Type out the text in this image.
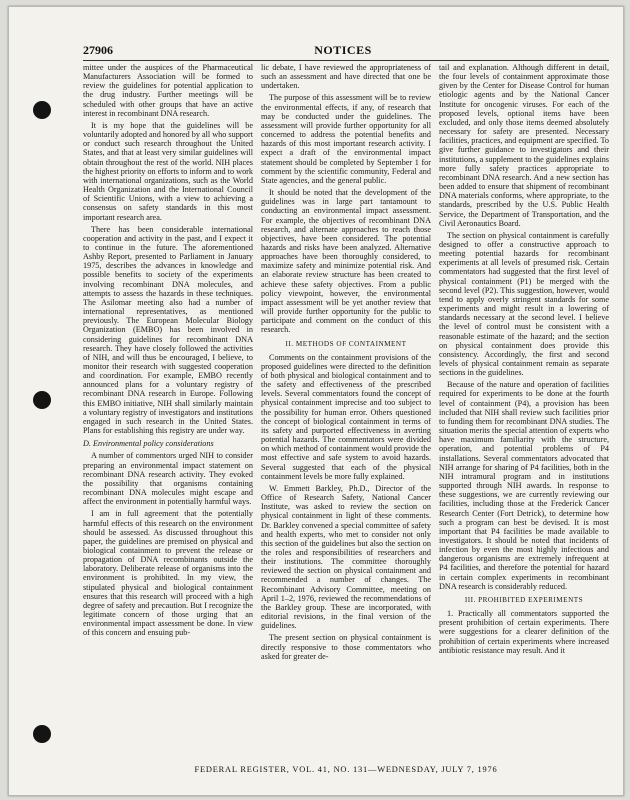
27906	NOTICES

mittee under the auspices of the Pharmaceutical Manufacturers Association will be formed to review the guidelines for potential application to the drug industry. Further meetings will be scheduled with other groups that have an active interest in recombinant DNA research.

It is my hope that the guidelines will be voluntarily adopted and honored by all who support or conduct such research throughout the United States, and that at least very similar guidelines will obtain throughout the rest of the world. NIH places the highest priority on efforts to inform and to work with international organizations, such as the World Health Organization and the International Council of Scientific Unions, with a view to achieving a consensus on safety standards in this most important research area.

There has been considerable international cooperation and activity in the past, and I expect it to continue in the future. The aforementioned Ashby Report, presented to Parliament in January 1975, describes the advances in knowledge and possible benefits to society of the experiments involving recombinant DNA molecules, and attempts to assess the hazards in these techniques. The Asilomar meeting also had a number of international representatives, as mentioned previously. The European Molecular Biology Organization (EMBO) has been involved in considering guidelines for recombinant DNA research. They have closely followed the activities of NIH, and will thus be encouraged, I believe, to monitor their research with suggested cooperation and coordination. For example, EMBO recently announced plans for a voluntary registry of recombinant DNA research in Europe. Following this EMBO initiative, NIH shall similarly maintain a voluntary registry of investigators and institutions engaged in such research in the United States. Plans for establishing this registry are under way.

D. Environmental policy considerations

A number of commentors urged NIH to consider preparing an environmental impact statement on recombinant DNA research activity. They evoked the possibility that organisms containing recombinant DNA molecules might escape and affect the environment in potentially harmful ways.

I am in full agreement that the potentially harmful effects of this research on the environment should be assessed. As discussed throughout this paper, the guidelines are premised on physical and biological containment to prevent the release or propagation of DNA recombinants outside the laboratory. Deliberate release of organisms into the environment is prohibited. In my view, the stipulated physical and biological containment ensures that this research will proceed with a high degree of safety and precaution. But I recognize the legitimate concern of those urging that an environmental impact assessment be done. In view of this concern and ensuing pub-

lic debate, I have reviewed the appropriateness of such an assessment and have directed that one be undertaken.

The purpose of this assessment will be to review the environmental effects, if any, of research that may be conducted under the guidelines. The assessment will provide further opportunity for all concerned to address the potential benefits and hazards of this most important research activity. I expect a draft of the environmental impact statement should be completed by September 1 for comment by the scientific community, Federal and State agencies, and the general public.

It should be noted that the development of the guidelines was in large part tantamount to conducting an environmental impact assessment. For example, the objectives of recombinant DNA research, and alternate approaches to reach those objectives, have been considered. The potential hazards and risks have been analyzed. Alternative approaches have been thoroughly considered, to maximize safety and minimize potential risk. And an elaborate review structure has been created to achieve these safety objectives. From a public policy viewpoint, however, the environmental impact assessment will be yet another review that will provide further opportunity for the public to participate and comment on the conduct of this research.

II. METHODS OF CONTAINMENT

Comments on the containment provisions of the proposed guidelines were directed to the definition of both physical and biological containment and to the safety and effectiveness of the prescribed levels. Several commentators found the concept of physical containment imprecise and too subject to the possibility for human error. Others questioned the concept of biological containment in terms of its safety and purported effectiveness in averting potential hazards. The commentators were divided on which method of containment would provide the most effective and safe system to avoid hazards. Several suggested that each of the physical containment levels be more fully explained.

W. Emmett Barkley, Ph.D., Director of the Office of Research Safety, National Cancer Institute, was asked to review the section on physical containment in light of these comments. Dr. Barkley convened a special committee of safety and health experts, who met to consider not only this section of the guidelines but also the section on the roles and responsibilities of researchers and their institutions. The committee thoroughly reviewed the section on physical containment and recommended a number of changes. The Recombinant Advisory Committee, meeting on April 1–2, 1976, reviewed the recommendations of the Barkley group. These are incorporated, with editorial revisions, in the final version of the guidelines.

The present section on physical containment is directly responsive to those commentators who asked for greater de-

tail and explanation. Although different in detail, the four levels of containment approximate those given by the Center for Disease Control for human etiologic agents and by the National Cancer Institute for oncogenic viruses. For each of the proposed levels, optional items have been excluded, and only those items deemed absolutely necessary for safety are presented. Necessary facilities, practices, and equipment are specified. To give further guidance to investigators and their institutions, a supplement to the guidelines explains more fully safety practices appropriate to recombinant DNA research. And a new section has been added to ensure that shipment of recombinant DNA materials conforms, where appropriate, to the standards, prescribed by the U.S. Public Health Service, the Department of Transportation, and the Civil Aeronautics Board.

The section on physical containment is carefully designed to offer a constructive approach to meeting potential hazards for recombinant experiments at all levels of presumed risk. Certain commentators had suggested that the first level of physical containment (P1) be merged with the second level (P2). This suggestion, however, would tend to apply overly stringent standards for some experiments and might result in a lowering of standards necessary at the second level. I believe the level of control must be consistent with a reasonable estimate of the hazard; and the section on physical containment does provide this consistency. Accordingly, the first and second levels of physical containment remain as separate sections in the guidelines.

Because of the nature and operation of facilities required for experiments to be done at the fourth level of containment (P4), a provision has been included that NIH shall review such facilities prior to funding them for recombinant DNA studies. The situation merits the special attention of experts who have maximum familiarity with the structure, operation, and potential problems of P4 installations. Several commentators advocated that NIH arrange for sharing of P4 facilities, both in the NIH intramural program and in institutions supported through NIH awards. In response to these suggestions, we are currently reviewing our facilities, including those at the Frederick Cancer Research Center (Fort Detrick), to determine how such a program can best be devised. It is most important that P4 facilities be made available to investigators. It should be noted that incidents of infection by even the most highly infectious and dangerous organisms are extremely infrequent at P4 facilities, and therefore the potential for hazard in certain complex experiments in recombinant DNA research is considerably reduced.

III. PROHIBITED EXPERIMENTS

1. Practically all commentators supported the present prohibition of certain experiments. There were suggestions for a clearer definition of the prohibition of certain experiments where increased antibiotic resistance may result. And it

FEDERAL REGISTER, VOL. 41, NO. 131—WEDNESDAY, JULY 7, 1976
